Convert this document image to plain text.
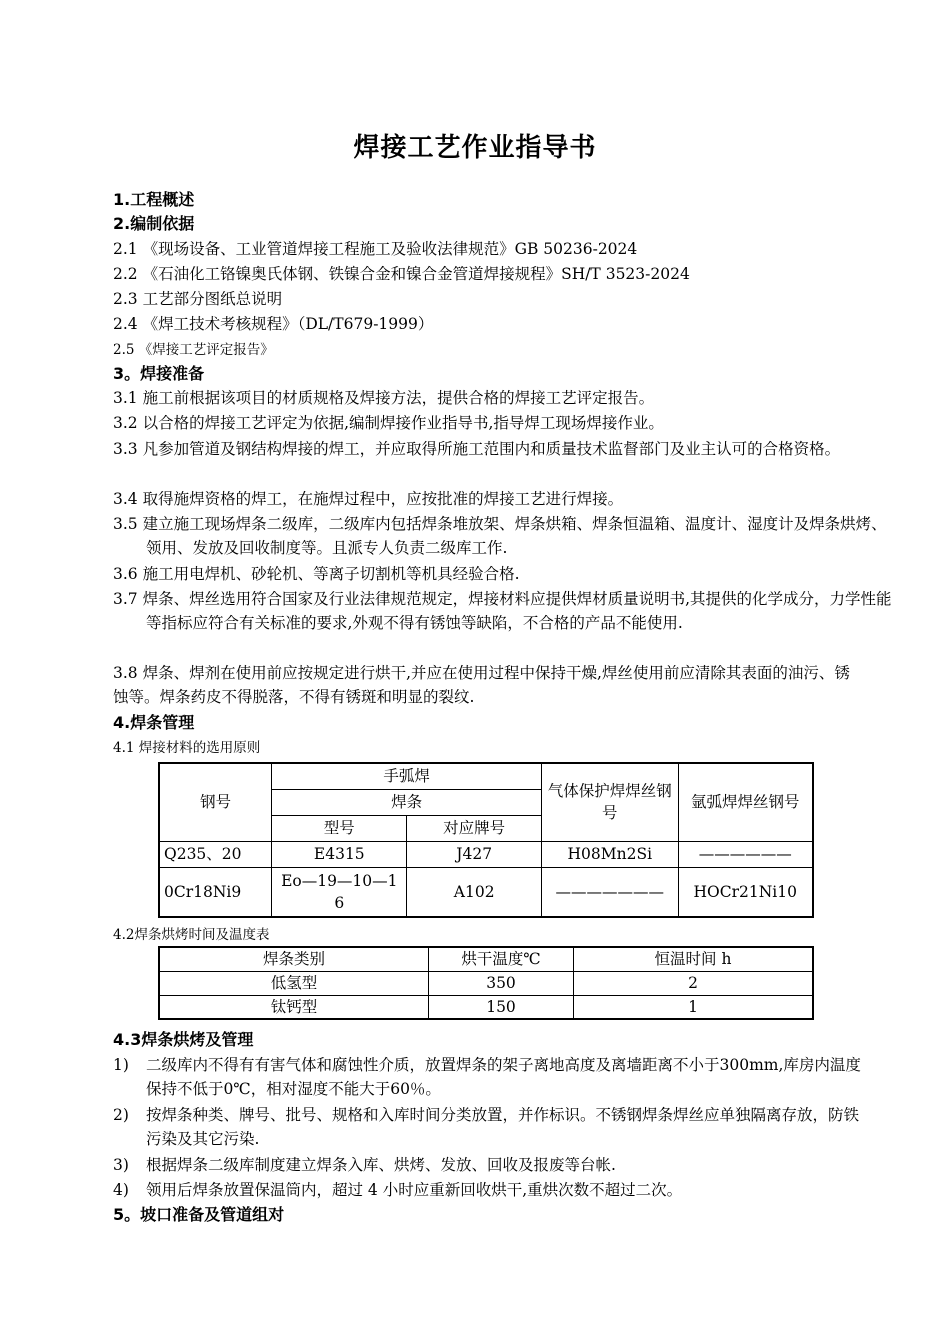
焊接工艺作业指导书
1.工程概述
2.编制依据
2.1 《现场设备、工业管道焊接工程施工及验收法律规范》GB 50236-2024
2.2 《石油化工铬镍奥氏体钢、铁镍合金和镍合金管道焊接规程》SH/T 3523-2024
2.3 工艺部分图纸总说明
2.4 《焊工技术考核规程》（DL/T679-1999）
2.5 《焊接工艺评定报告》
3。焊接准备
3.1 施工前根据该项目的材质规格及焊接方法，提供合格的焊接工艺评定报告。
3.2 以合格的焊接工艺评定为依据,编制焊接作业指导书,指导焊工现场焊接作业。
3.3 凡参加管道及钢结构焊接的焊工，并应取得所施工范围内和质量技术监督部门及业主认可的合格资格。
3.4 取得施焊资格的焊工，在施焊过程中，应按批准的焊接工艺进行焊接。
3.5 建立施工现场焊条二级库，二级库内包括焊条堆放架、焊条烘箱、焊条恒温箱、温度计、湿度计及焊条烘烤、领用、发放及回收制度等。且派专人负责二级库工作.
3.6 施工用电焊机、砂轮机、等离子切割机等机具经验合格.
3.7 焊条、焊丝选用符合国家及行业法律规范规定，焊接材料应提供焊材质量说明书,其提供的化学成分，力学性能等指标应符合有关标准的要求,外观不得有锈蚀等缺陷，不合格的产品不能使用.
3.8 焊条、焊剂在使用前应按规定进行烘干,并应在使用过程中保持干燥,焊丝使用前应清除其表面的油污、锈蚀等。焊条药皮不得脱落，不得有锈斑和明显的裂纹.
4.焊条管理
4.1 焊接材料的选用原则
钢号	手弧焊		气体保护焊焊丝钢号	氩弧焊焊丝钢号
	焊条			
	型号	对应牌号		
Q235、20	E4315	J427	H08Mn2Si	——————
0Cr18Ni9	Eo—19—10—16	A102	———————	HOCr21Ni10
4.2焊条烘烤时间及温度表
焊条类别	烘干温度℃	恒温时间 h
低氢型	350	2
钛钙型	150	1
4.3焊条烘烤及管理
1)	二级库内不得有有害气体和腐蚀性介质，放置焊条的架子离地高度及离墙距离不小于300mm,库房内温度保持不低于0℃，相对湿度不能大于60％。
2)	按焊条种类、牌号、批号、规格和入库时间分类放置，并作标识。不锈钢焊条焊丝应单独隔离存放，防铁污染及其它污染.
3)	根据焊条二级库制度建立焊条入库、烘烤、发放、回收及报废等台帐.
4)	领用后焊条放置保温筒内，超过 4 小时应重新回收烘干,重烘次数不超过二次。
5。坡口准备及管道组对
